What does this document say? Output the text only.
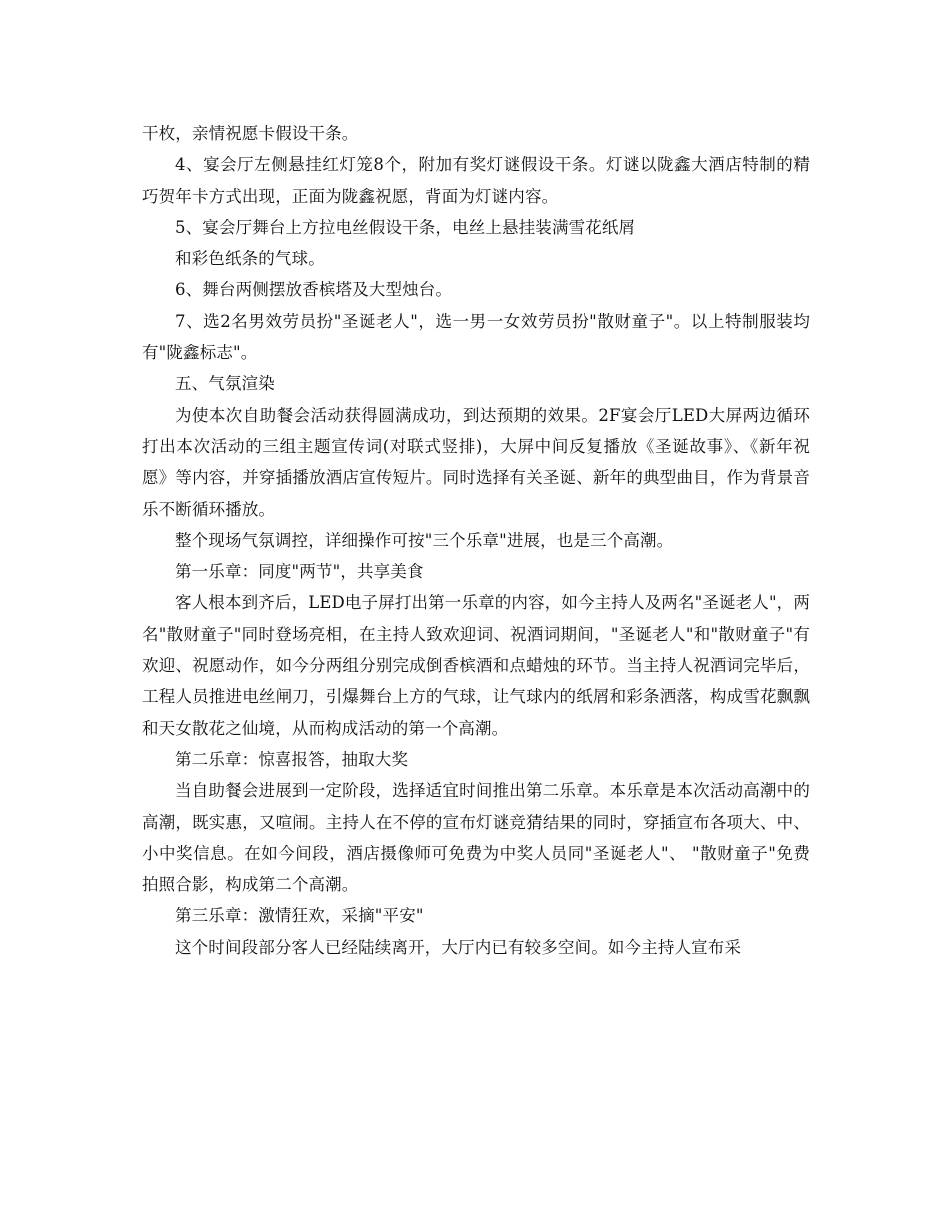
干枚，亲情祝愿卡假设干条。

4、宴会厅左侧悬挂红灯笼8个，附加有奖灯谜假设干条。灯谜以陇鑫大酒店特制的精巧贺年卡方式出现，正面为陇鑫祝愿，背面为灯谜内容。

5、宴会厅舞台上方拉电丝假设干条，电丝上悬挂装满雪花纸屑

和彩色纸条的气球。

6、舞台两侧摆放香槟塔及大型烛台。

7、选2名男效劳员扮"圣诞老人"，选一男一女效劳员扮"散财童子"。以上特制服装均有"陇鑫标志"。

五、气氛渲染

为使本次自助餐会活动获得圆满成功，到达预期的效果。2F宴会厅LED大屏两边循环打出本次活动的三组主题宣传词(对联式竖排)，大屏中间反复播放《圣诞故事》、《新年祝愿》等内容，并穿插播放酒店宣传短片。同时选择有关圣诞、新年的典型曲目，作为背景音乐不断循环播放。

整个现场气氛调控，详细操作可按"三个乐章"进展，也是三个高潮。

第一乐章：同度"两节"，共享美食

客人根本到齐后，LED电子屏打出第一乐章的内容，如今主持人及两名"圣诞老人"，两名"散财童子"同时登场亮相，在主持人致欢迎词、祝酒词期间，"圣诞老人"和"散财童子"有欢迎、祝愿动作，如今分两组分别完成倒香槟酒和点蜡烛的环节。当主持人祝酒词完毕后，工程人员推进电丝闸刀，引爆舞台上方的气球，让气球内的纸屑和彩条洒落，构成雪花飘飘和天女散花之仙境，从而构成活动的第一个高潮。

第二乐章：惊喜报答，抽取大奖

当自助餐会进展到一定阶段，选择适宜时间推出第二乐章。本乐章是本次活动高潮中的高潮，既实惠，又喧闹。主持人在不停的宣布灯谜竞猜结果的同时，穿插宣布各项大、中、小中奖信息。在如今间段，酒店摄像师可免费为中奖人员同"圣诞老人"、 "散财童子"免费拍照合影，构成第二个高潮。

第三乐章：激情狂欢，采摘"平安"

这个时间段部分客人已经陆续离开，大厅内已有较多空间。如今主持人宣布采
